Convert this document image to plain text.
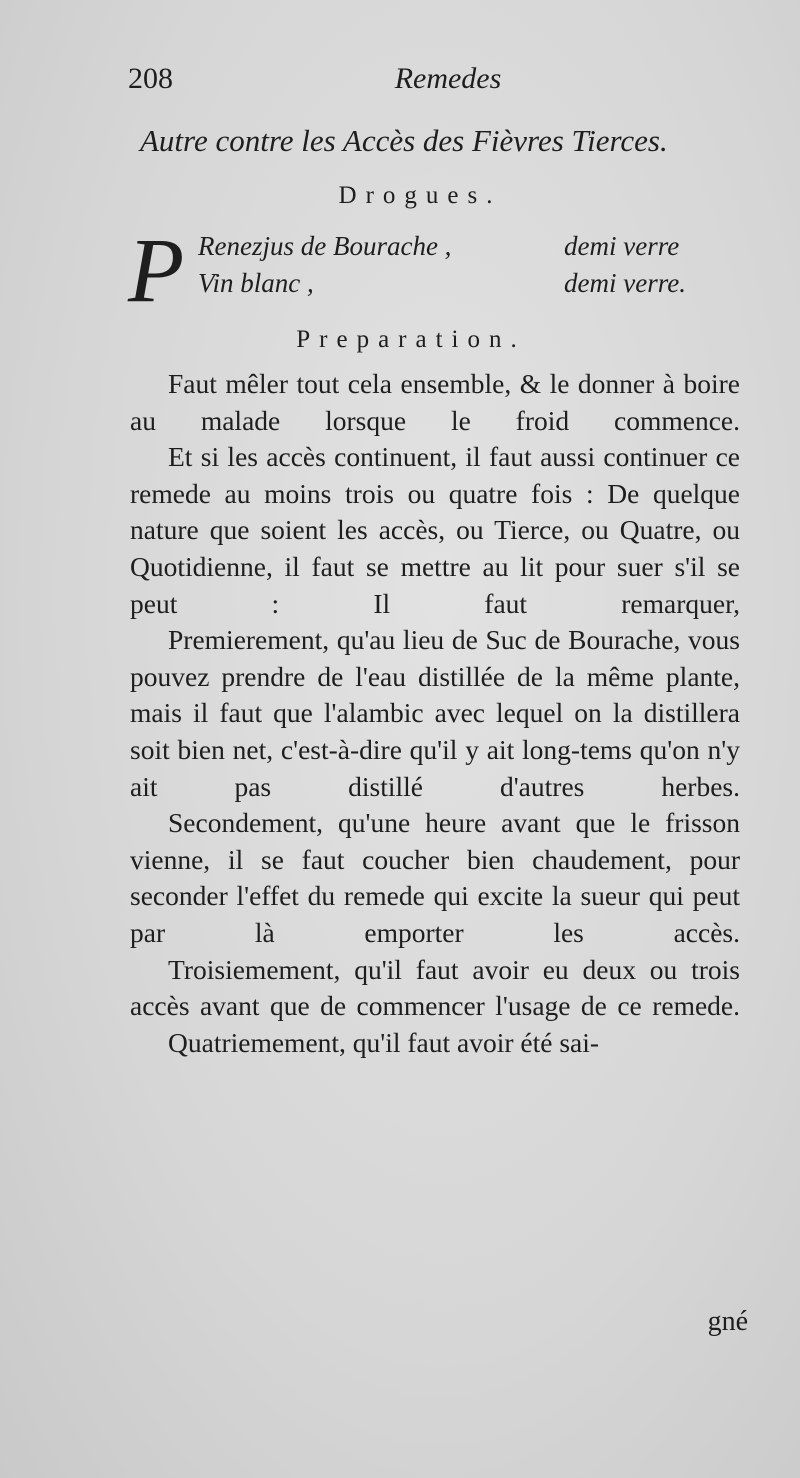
208	Remedes
Autre contre les Accès des Fièvres Tierces.
Drogues.
P Renezjus de Bourache ,	demi verre
Vin blanc ,	demi verre.
Preparation.

Faut mêler tout cela ensemble, & le donner à boire au malade lorsque le froid commence.

Et si les accès continuent, il faut aussi continuer ce remede au moins trois ou quatre fois : De quelque nature que soient les accès, ou Tierce, ou Quatre, ou Quotidienne, il faut se mettre au lit pour suer s'il se peut : Il faut remarquer,

Premierement, qu'au lieu de Suc de Bourache, vous pouvez prendre de l'eau distillée de la même plante, mais il faut que l'alambic avec lequel on la distillera soit bien net, c'est-à-dire qu'il y ait long-tems qu'on n'y ait pas distillé d'autres herbes.

Secondement, qu'une heure avant que le frisson vienne, il se faut coucher bien chaudement, pour seconder l'effet du remede qui excite la sueur qui peut par là emporter les accès.

Troisiemement, qu'il faut avoir eu deux ou trois accès avant que de commencer l'usage de ce remede.

Quatriemement, qu'il faut avoir été sai-

gné
